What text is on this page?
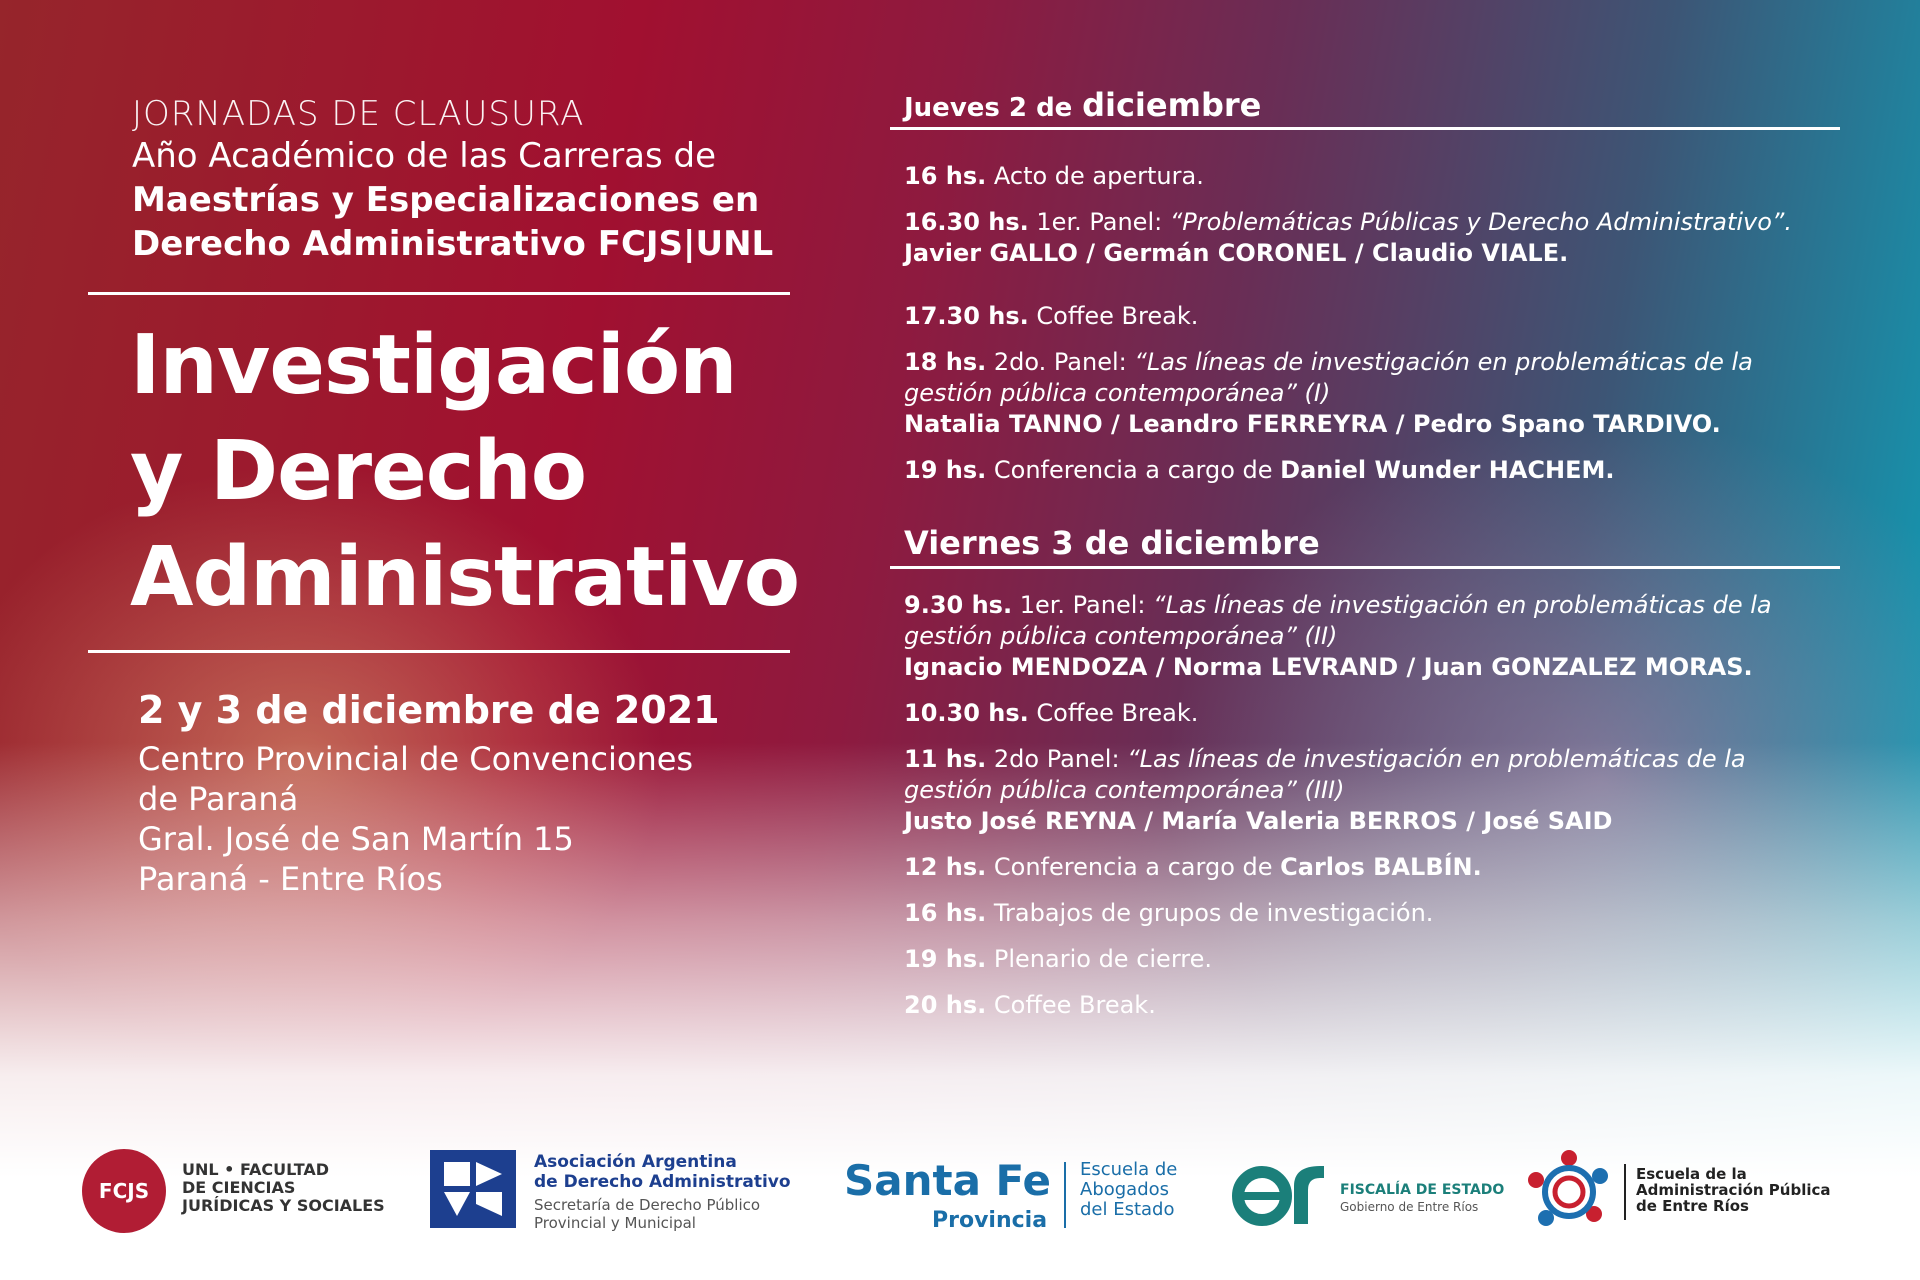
JORNADAS DE CLAUSURA
Año Académico de las Carreras de
Maestrías y Especializaciones en
Derecho Administrativo FCJS|UNL
Investigación
y Derecho
Administrativo
2 y 3 de diciembre de 2021
Centro Provincial de Convenciones
de Paraná
Gral. José de San Martín 15
Paraná - Entre Ríos
Jueves 2 de diciembre
16 hs. Acto de apertura.
16.30 hs. 1er. Panel: “Problemáticas Públicas y Derecho Administrativo”.
Javier GALLO / Germán CORONEL / Claudio VIALE.
17.30 hs. Coffee Break.
18 hs. 2do. Panel: “Las líneas de investigación en problemáticas de la
gestión pública contemporánea” (I)
Natalia TANNO / Leandro FERREYRA / Pedro Spano TARDIVO.
19 hs. Conferencia a cargo de Daniel Wunder HACHEM.
Viernes 3 de diciembre
9.30 hs. 1er. Panel: “Las líneas de investigación en problemáticas de la
gestión pública contemporánea” (II)
Ignacio MENDOZA / Norma LEVRAND / Juan GONZALEZ MORAS.
10.30 hs. Coffee Break.
11 hs. 2do Panel: “Las líneas de investigación en problemáticas de la
gestión pública contemporánea” (III)
Justo José REYNA / María Valeria BERROS / José SAID
12 hs. Conferencia a cargo de Carlos BALBÍN.
16 hs. Trabajos de grupos de investigación.
19 hs. Plenario de cierre.
20 hs. Coffee Break.
FCJS
UNL • FACULTAD
DE CIENCIAS
JURÍDICAS Y SOCIALES
Asociación Argentina
de Derecho Administrativo
Secretaría de Derecho Público
Provincial y Municipal
Santa Fe
Provincia
Escuela de
Abogados
del Estado
FISCALÍA DE ESTADO
Gobierno de Entre Ríos
Escuela de la
Administración Pública
de Entre Ríos
